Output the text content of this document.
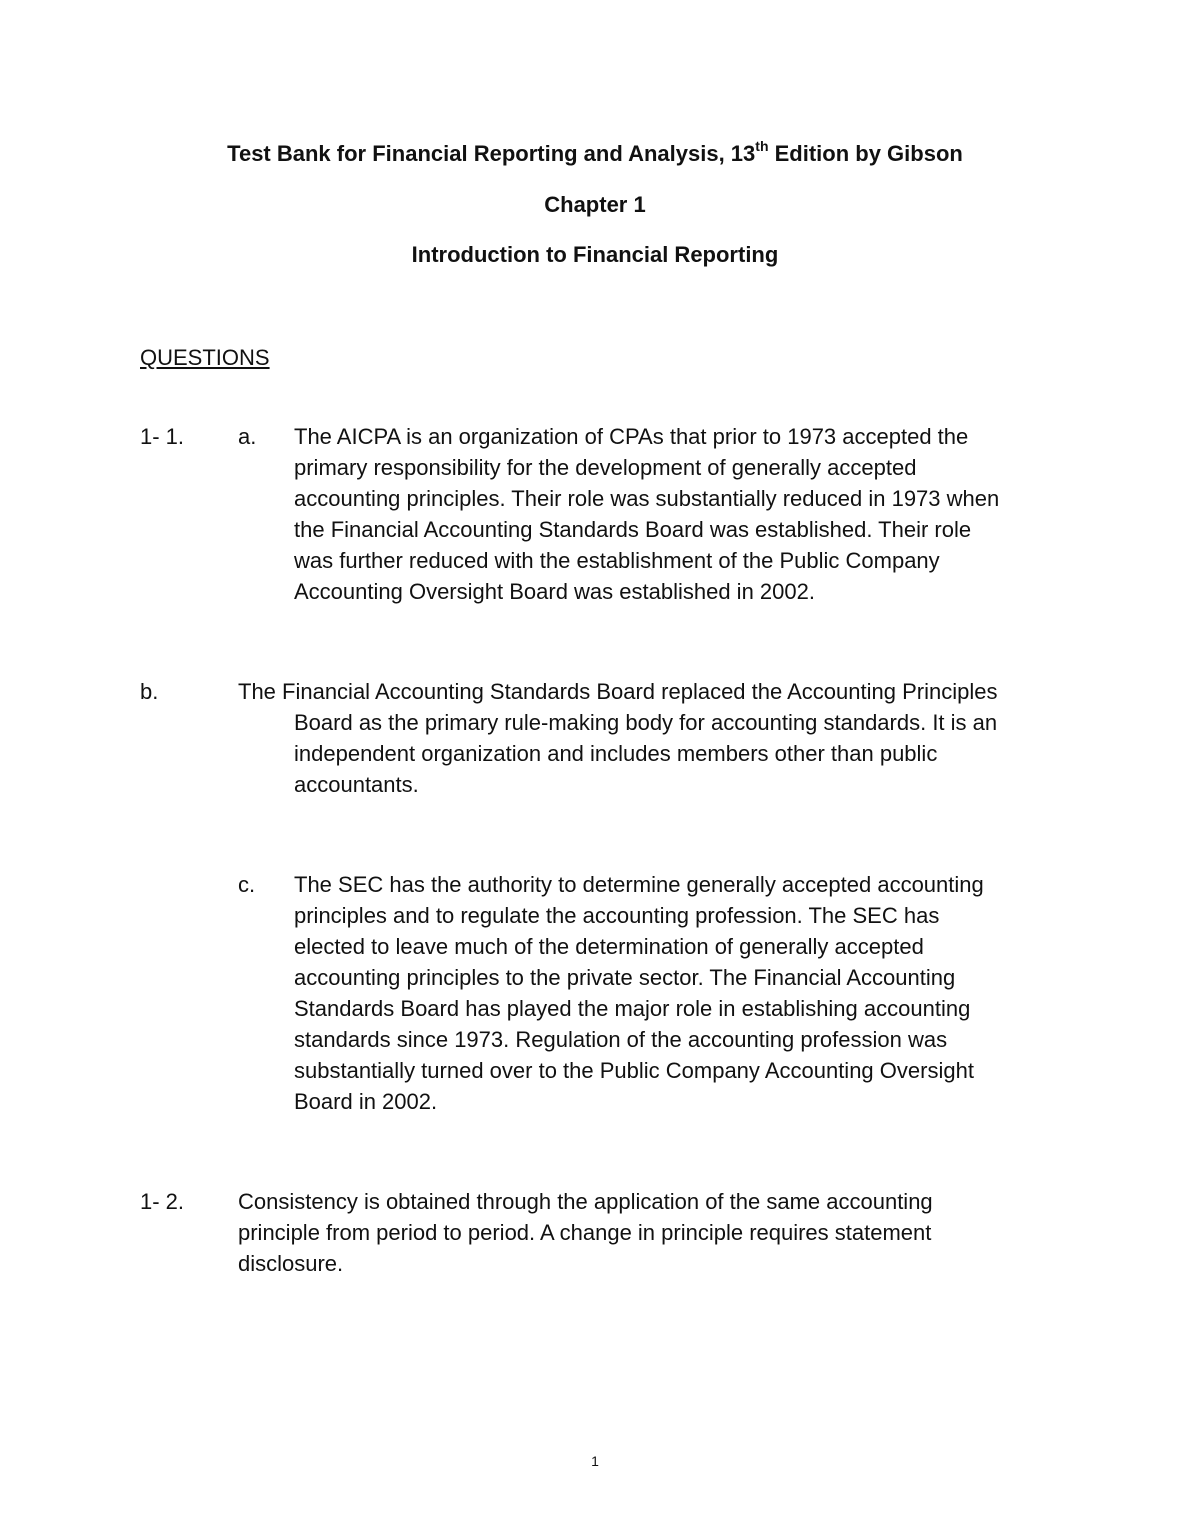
Test Bank for Financial Reporting and Analysis, 13th Edition by Gibson
Chapter 1
Introduction to Financial Reporting
QUESTIONS
1- 1. a. The AICPA is an organization of CPAs that prior to 1973 accepted the
primary responsibility for the development of generally accepted
accounting principles. Their role was substantially reduced in 1973 when
the Financial Accounting Standards Board was established. Their role
was further reduced with the establishment of the Public Company
Accounting Oversight Board was established in 2002.
b.	The Financial Accounting Standards Board replaced the Accounting Principles
Board as the primary rule-making body for accounting standards. It is an
independent organization and includes members other than public
accountants.
c. The SEC has the authority to determine generally accepted accounting
principles and to regulate the accounting profession. The SEC has
elected to leave much of the determination of generally accepted
accounting principles to the private sector. The Financial Accounting
Standards Board has played the major role in establishing accounting
standards since 1973. Regulation of the accounting profession was
substantially turned over to the Public Company Accounting Oversight
Board in 2002.
1- 2. Consistency is obtained through the application of the same accounting
principle from period to period. A change in principle requires statement
disclosure.
1
